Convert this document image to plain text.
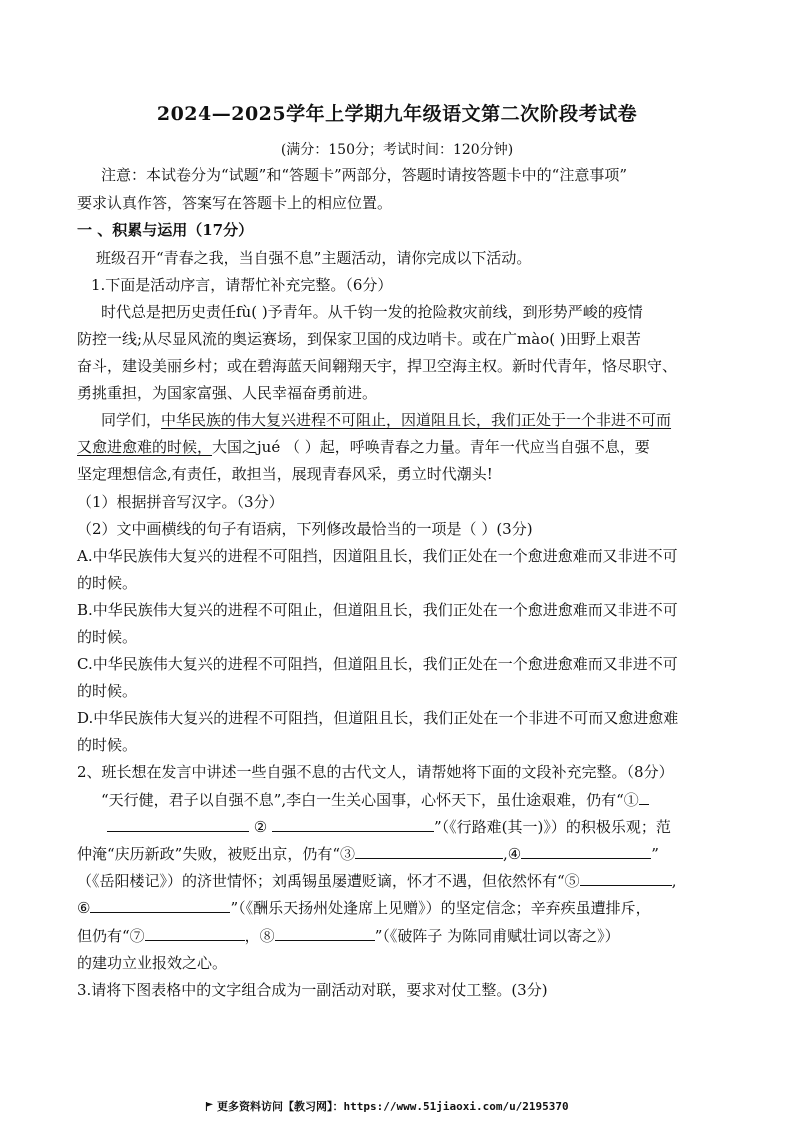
2024—2025学年上学期九年级语文第二次阶段考试卷
(满分：150分；考试时间：120分钟)
注意：本试卷分为“试题”和“答题卡”两部分，答题时请按答题卡中的“注意事项”
要求认真作答，答案写在答题卡上的相应位置。
一 、积累与运用（17分）
班级召开“青春之我，当自强不息”主题活动，请你完成以下活动。
1.下面是活动序言，请帮忙补充完整。（6分）
时代总是把历史责任fù( )予青年。从千钧一发的抢险救灾前线，到形势严峻的疫情
防控一线;从尽显风流的奥运赛场，到保家卫国的戍边哨卡。或在广mào( )田野上艰苦
奋斗，建设美丽乡村；或在碧海蓝天间翱翔天宇，捍卫空海主权。新时代青年，恪尽职守、
勇挑重担，为国家富强、人民幸福奋勇前进。
同学们，中华民族的伟大复兴进程不可阻止，因道阻且长，我们正处于一个非进不可而
又愈进愈难的时候，大国之jué （ ）起，呼唤青春之力量。青年一代应当自强不息，要
坚定理想信念,有责任，敢担当，展现青春风采，勇立时代潮头!
（1）根据拼音写汉字。（3分）
（2）文中画横线的句子有语病，下列修改最恰当的一项是（ ）(3分)
A.中华民族伟大复兴的进程不可阻挡，因道阻且长，我们正处在一个愈进愈难而又非进不可
的时候。
B.中华民族伟大复兴的进程不可阻止，但道阻且长，我们正处在一个愈进愈难而又非进不可
的时候。
C.中华民族伟大复兴的进程不可阻挡，但道阻且长，我们正处在一个愈进愈难而又非进不可
的时候。
D.中华民族伟大复兴的进程不可阻挡，但道阻且长，我们正处在一个非进不可而又愈进愈难
的时候。
2、班长想在发言中讲述一些自强不息的古代文人，请帮她将下面的文段补充完整。（8分）
“天行健，君子以自强不息”,李白一生关心国事，心怀天下，虽仕途艰难，仍有“①
②	”（《行路难(其一)》）的积极乐观；范
仲淹“庆历新政”失败，被贬出京，仍有“③	,④	”
（《岳阳楼记》）的济世情怀；刘禹锡虽屡遭贬谪，怀才不遇，但依然怀有“⑤	,
⑥	”（《酬乐天扬州处逢席上见赠》）的坚定信念；辛弃疾虽遭排斥，
但仍有“⑦	，⑧	”（《破阵子 为陈同甫赋壮词以寄之》）
的建功立业报效之心。
3.请将下图表格中的文字组合成为一副活动对联，要求对仗工整。(3分)
更多资料访问【教习网】：https://www.51jiaoxi.com/u/2195370
